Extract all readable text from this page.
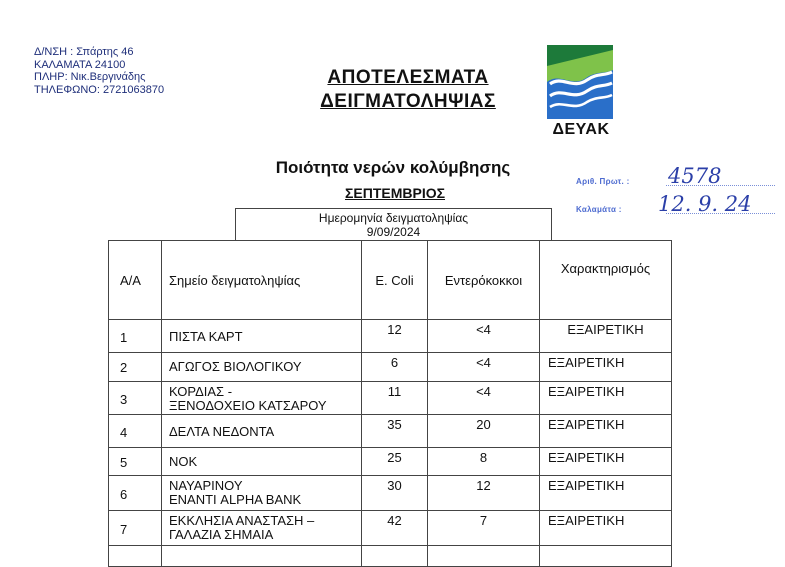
Δ/ΝΣΗ : Σπάρτης 46
ΚΑΛΑΜΑΤΑ 24100
ΠΛΗΡ: Νικ.Βεργινάδης
ΤΗΛΕΦΩΝΟ: 2721063870
ΑΠΟΤΕΛΕΣΜΑΤΑ
ΔΕΙΓΜΑΤΟΛΗΨΙΑΣ
ΔΕΥΑΚ
Ποιότητα νερών κολύμβησης
ΣΕΠΤΕΜΒΡΙΟΣ
Αριθ. Πρωτ. : 4578
Καλαμάτα : 12. 9. 24
Ημερομηνία δειγματοληψίας
9/09/2024
Α/Α	Σημείο δειγματοληψίας	E. Coli	Εντερόκοκκοι	Χαρακτηρισμός

1	ΠΙΣΤΑ ΚΑΡΤ	12	<4	ΕΞΑΙΡΕΤΙΚΗ

2	ΑΓΩΓΟΣ ΒΙΟΛΟΓΙΚΟΥ	6	<4	ΕΞΑΙΡΕΤΙΚΗ

3	ΚΟΡΔΙΑΣ -
ΞΕΝΟΔΟΧΕΙΟ ΚΑΤΣΑΡΟΥ	11	<4	ΕΞΑΙΡΕΤΙΚΗ

4	ΔΕΛΤΑ ΝΕΔΟΝΤΑ	35	20	ΕΞΑΙΡΕΤΙΚΗ

5	ΝΟΚ	25	8	ΕΞΑΙΡΕΤΙΚΗ

6	ΝΑΥΑΡΙΝΟΥ
ΕΝΑΝΤΙ ALPHA BANK	30	12	ΕΞΑΙΡΕΤΙΚΗ

7	ΕΚΚΛΗΣΙΑ ΑΝΑΣΤΑΣΗ –
ΓΑΛΑΖΙΑ ΣΗΜΑΙΑ	42	7	ΕΞΑΙΡΕΤΙΚΗ
